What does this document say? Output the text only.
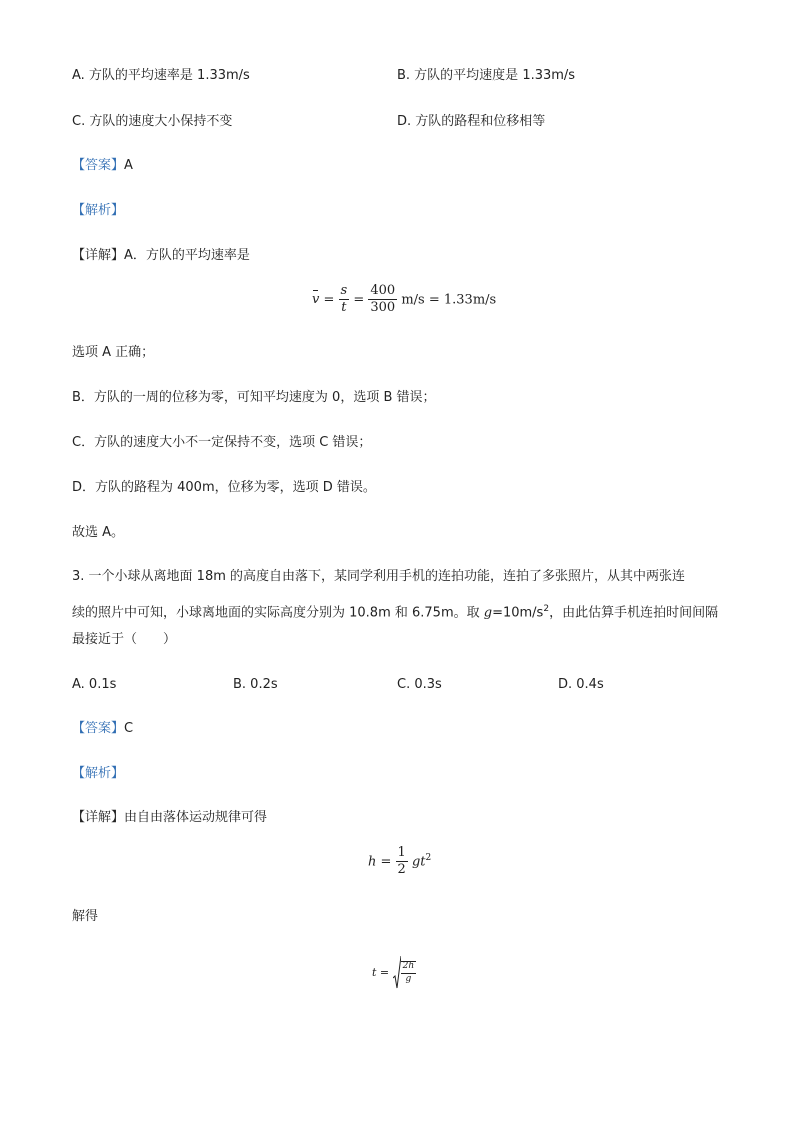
A. 方队的平均速率是 1.33m/s	B. 方队的平均速度是 1.33m/s
C. 方队的速度大小保持不变	D. 方队的路程和位移相等
【答案】A
【解析】
【详解】A．方队的平均速率是
$v = \frac{s}{t} = \frac{400}{300} m/s = 1.33m/s$
选项 A 正确；
B．方队的一周的位移为零，可知平均速度为 0，选项 B 错误；
C．方队的速度大小不一定保持不变，选项 C 错误；
D．方队的路程为 400m，位移为零，选项 D 错误。
故选 A。
3. 一个小球从离地面 18m 的高度自由落下，某同学利用手机的连拍功能，连拍了多张照片，从其中两张连
续的照片中可知，小球离地面的实际高度分别为 10.8m 和 6.75m。取 $g=10m/s^2$，由此估算手机连拍时间间隔
最接近于（　　）
A. 0.1s	B. 0.2s	C. 0.3s	D. 0.4s
【答案】C
【解析】
【详解】由自由落体运动规律可得
$h = \frac{1}{2} gt^2$
解得
$t = \frac{2h}{g}$
